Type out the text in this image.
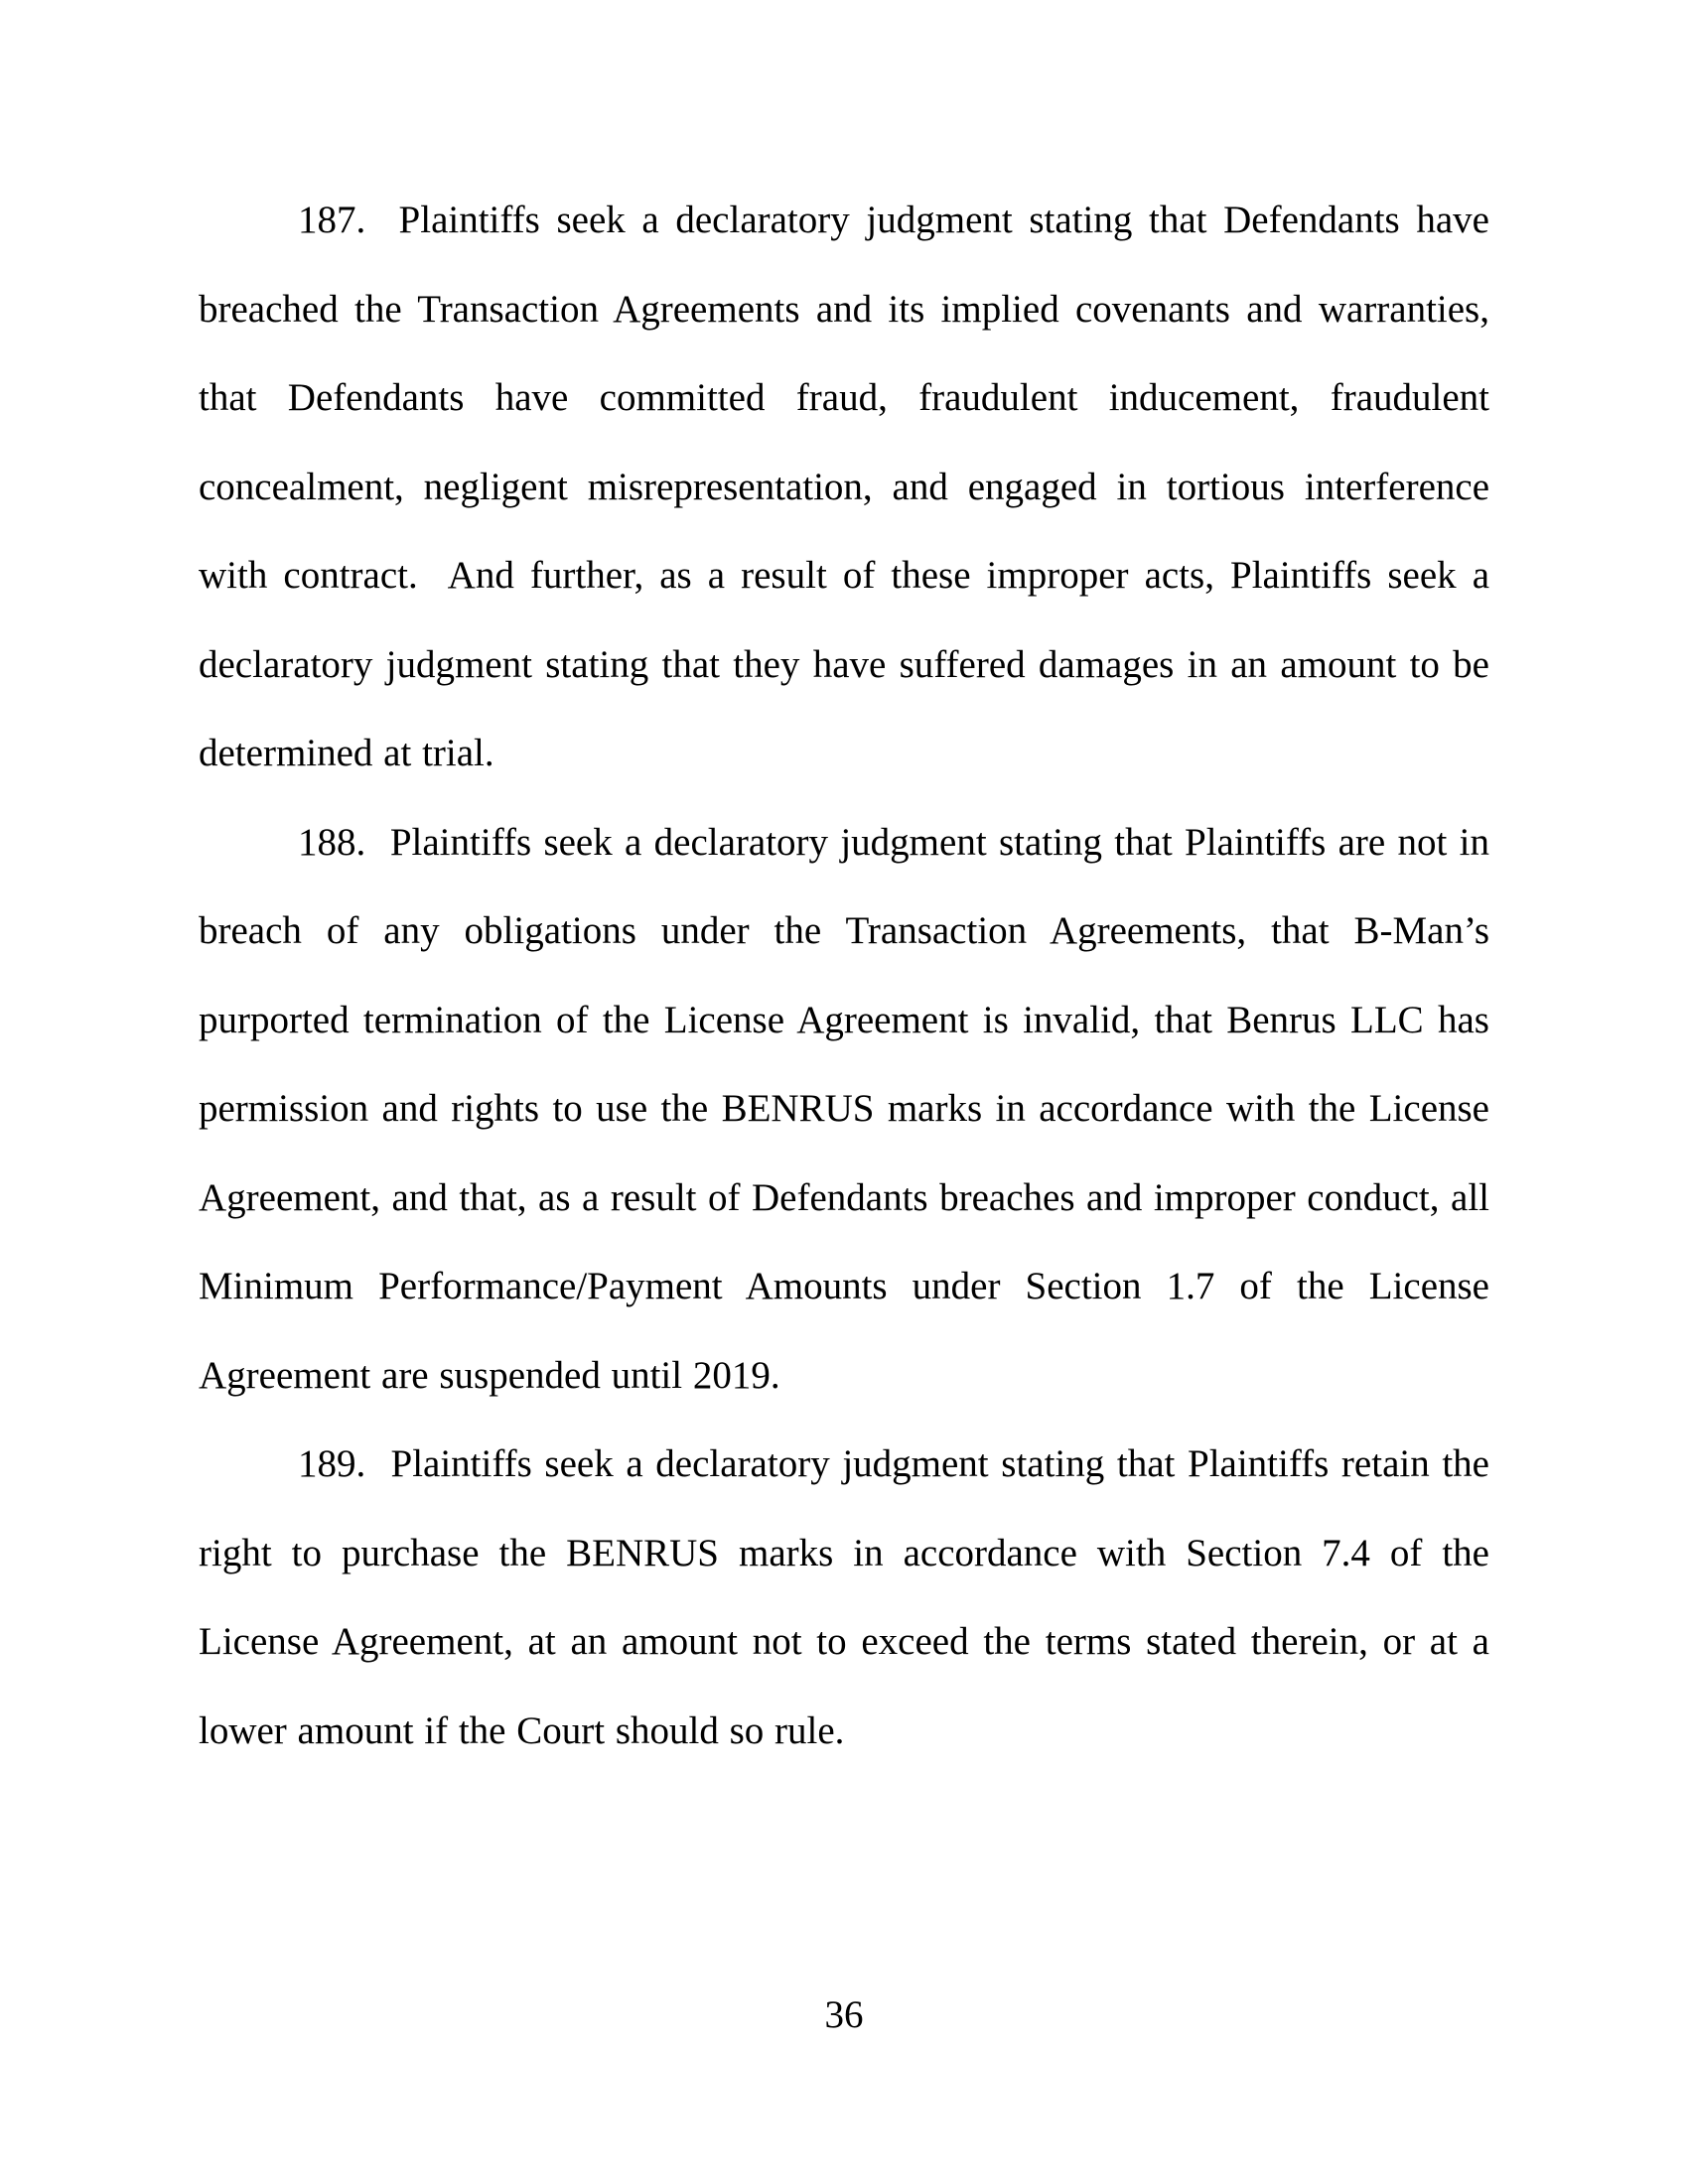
187.  Plaintiffs seek a declaratory judgment stating that Defendants have
breached the Transaction Agreements and its implied covenants and warranties,
that Defendants have committed fraud, fraudulent inducement, fraudulent
concealment, negligent misrepresentation, and engaged in tortious interference
with contract.  And further, as a result of these improper acts, Plaintiffs seek a
declaratory judgment stating that they have suffered damages in an amount to be
determined at trial.
188.  Plaintiffs seek a declaratory judgment stating that Plaintiffs are not in
breach of any obligations under the Transaction Agreements, that B-Man’s
purported termination of the License Agreement is invalid, that Benrus LLC has
permission and rights to use the BENRUS marks in accordance with the License
Agreement, and that, as a result of Defendants breaches and improper conduct, all
Minimum Performance/Payment Amounts under Section 1.7 of the License
Agreement are suspended until 2019.
189.  Plaintiffs seek a declaratory judgment stating that Plaintiffs retain the
right to purchase the BENRUS marks in accordance with Section 7.4 of the
License Agreement, at an amount not to exceed the terms stated therein, or at a
lower amount if the Court should so rule.
36
